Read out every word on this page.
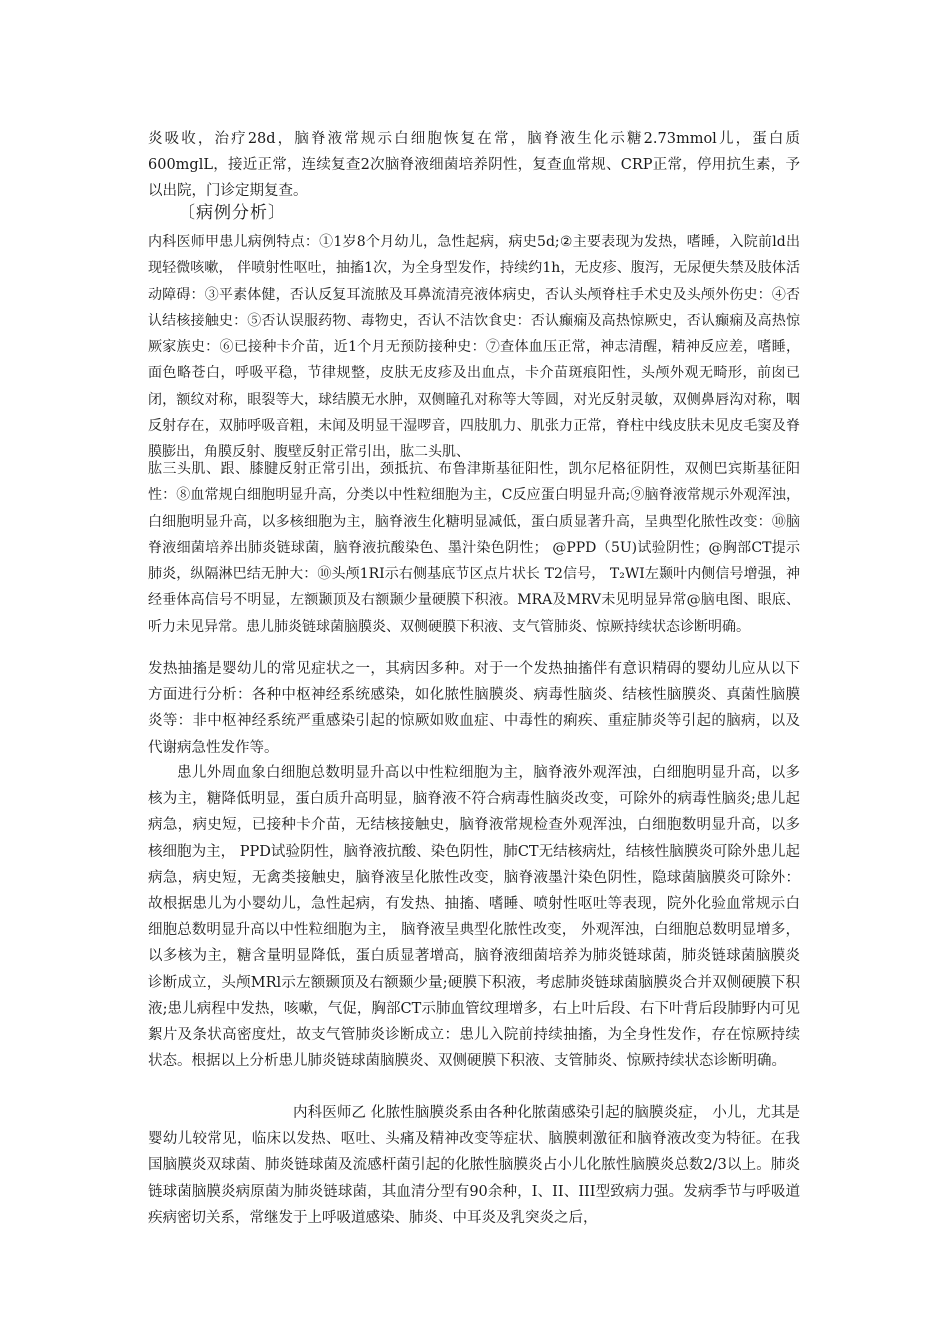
炎吸收，治疗28d，脑脊液常规示白细胞恢复在常，脑脊液生化示糖2.73mmol儿，蛋白质600mglL，接近正常，连续复查2次脑脊液细菌培养阴性，复查血常规、CRP正常，停用抗生素，予以出院，门诊定期复查。

〔病例分析〕

内科医师甲患儿病例特点：①1岁8个月幼儿，急性起病，病史5d;②主要表现为发热，嗜睡，入院前ld出现轻微咳嗽， 伴喷射性呕吐，抽搐1次，为全身型发作，持续约1h，无皮疹、腹泻，无尿便失禁及肢体活动障碍：③平素体健，否认反复耳流脓及耳鼻流清亮液体病史，否认头颅脊柱手术史及头颅外伤史：④否认结核接触史：⑤否认误服药物、毒物史，否认不洁饮食史：否认癫痫及高热惊厥史，否认癫痫及高热惊厥家族史：⑥已接种卡介苗，近1个月无预防接种史：⑦查体血压正常，神志清醒，精神反应差，嗜睡，面色略苍白，呼吸平稳，节律规整，皮肤无皮疹及出血点，卡介苗斑痕阳性，头颅外观无畸形，前囱已闭，额纹对称，眼裂等大，球结膜无水肿，双侧瞳孔对称等大等圆，对光反射灵敏，双侧鼻唇沟对称，咽反射存在，双肺呼吸音粗，未闻及明显干湿啰音，四肢肌力、肌张力正常，脊柱中线皮肤未见皮毛窦及脊膜膨出，角膜反射、腹壁反射正常引出，肱二头肌、

肱三头肌、跟、膝腱反射正常引出，颈抵抗、布鲁津斯基征阳性，凯尔尼格征阴性，双侧巴宾斯基征阳性：⑧血常规白细胞明显升高，分类以中性粒细胞为主，C反应蛋白明显升高;⑨脑脊液常规示外观浑浊，白细胞明显升高，以多核细胞为主，脑脊液生化糖明显减低，蛋白质显著升高，呈典型化脓性改变：⑩脑脊液细菌培养出肺炎链球菌，脑脊液抗酸染色、墨汁染色阴性； @PPD（5U)试验阴性；@胸部CT提示肺炎，纵隔淋巴结无肿大：⑩头颅1RI示右侧基底节区点片状长 T2信号， T₂WI左颞叶内侧信号增强，神经垂体高信号不明显，左额颞顶及右额颞少量硬膜下积液。MRA及MRV未见明显异常@脑电图、眼底、听力未见异常。患儿肺炎链球菌脑膜炎、双侧硬膜下积液、支气管肺炎、惊厥持续状态诊断明确。

发热抽搐是婴幼儿的常见症状之一，其病因多种。对于一个发热抽搐伴有意识精碍的婴幼儿应从以下方面进行分析：各种中枢神经系统感染，如化脓性脑膜炎、病毒性脑炎、结核性脑膜炎、真菌性脑膜炎等：非中枢神经系统严重感染引起的惊厥如败血症、中毒性的痢疾、重症肺炎等引起的脑病，以及代谢病急性发作等。

患儿外周血象白细胞总数明显升高以中性粒细胞为主，脑脊液外观浑浊，白细胞明显升高，以多核为主，糖降低明显，蛋白质升高明显，脑脊液不符合病毒性脑炎改变，可除外的病毒性脑炎;患儿起病急，病史短，已接种卡介苗，无结核接触史，脑脊液常规检查外观浑浊，白细胞数明显升高，以多核细胞为主， PPD试验阴性，脑脊液抗酸、染色阴性，肺CT无结核病灶，结核性脑膜炎可除外患儿起病急，病史短，无禽类接触史，脑脊液呈化脓性改变，脑脊液墨汁染色阴性，隐球菌脑膜炎可除外：故根据患儿为小婴幼儿，急性起病，有发热、抽搐、嗜睡、喷射性呕吐等表现，院外化验血常规示白细胞总数明显升高以中性粒细胞为主， 脑脊液呈典型化脓性改变， 外观浑浊，白细胞总数明显增多，以多核为主，糖含量明显降低，蛋白质显著增高，脑脊液细菌培养为肺炎链球菌，肺炎链球菌脑膜炎诊断成立，头颅MRl示左额颞顶及右额颞少量;硬膜下积液，考虑肺炎链球菌脑膜炎合并双侧硬膜下积液;患儿病程中发热，咳嗽，气促，胸部CT示肺血管纹理增多，右上叶后段、右下叶背后段肺野内可见絮片及条状高密度灶，故支气管肺炎诊断成立：患儿入院前持续抽搐，为全身性发作，存在惊厥持续状态。根据以上分析患儿肺炎链球菌脑膜炎、双侧硬膜下积液、支管肺炎、惊厥持续状态诊断明确。

内科医师乙 化脓性脑膜炎系由各种化脓菌感染引起的脑膜炎症， 小儿，尤其是婴幼儿较常见，临床以发热、呕吐、头痛及精神改变等症状、脑膜刺激征和脑脊液改变为特征。在我国脑膜炎双球菌、肺炎链球菌及流感杆菌引起的化脓性脑膜炎占小儿化脓性脑膜炎总数2/3以上。肺炎链球菌脑膜炎病原菌为肺炎链球菌，其血清分型有90余种，I、II、III型致病力强。发病季节与呼吸道疾病密切关系，常继发于上呼吸道感染、肺炎、中耳炎及乳突炎之后，
